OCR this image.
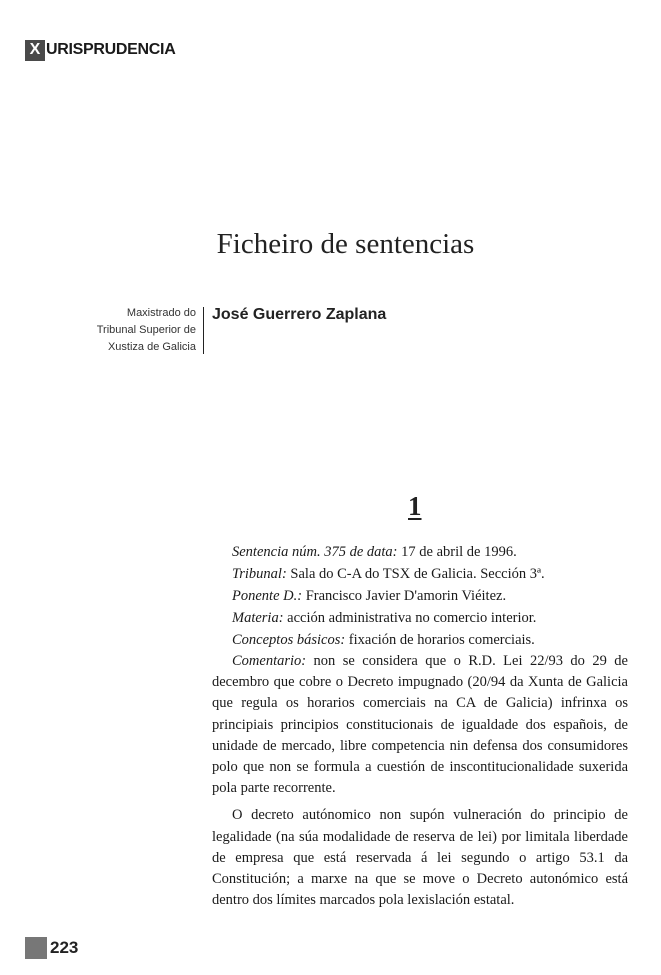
X URISPRUDENCIA
Ficheiro de sentencias
Maxistrado do
Tribunal Superior de
Xustiza de Galicia
José Guerrero Zaplana
1
Sentencia núm. 375 de data: 17 de abril de 1996.
Tribunal: Sala do C-A do TSX de Galicia. Sección 3ª.
Ponente D.: Francisco Javier D'amorin Viéitez.
Materia: acción administrativa no comercio interior.
Conceptos básicos: fixación de horarios comerciais.

Comentario: non se considera que o R.D. Lei 22/93 do 29 de decembro que cobre o Decreto impugnado (20/94 da Xunta de Galicia que regula os horarios comerciais na CA de Galicia) infrinxa os principiais principios constitucionais de igualdade dos españois, de unidade de mercado, libre competencia nin defensa dos consumidores polo que non se formula a cuestión de inscontitucionalidade suxerida pola parte recorrente.

O decreto autónomico non supón vulneración do principio de legalidade (na súa modalidade de reserva de lei) por limitala liberdade de empresa que está reservada á lei segundo o artigo 53.1 da Constitución; a marxe na que se move o Decreto autonómico está dentro dos límites marcados pola lexislación estatal.

223
